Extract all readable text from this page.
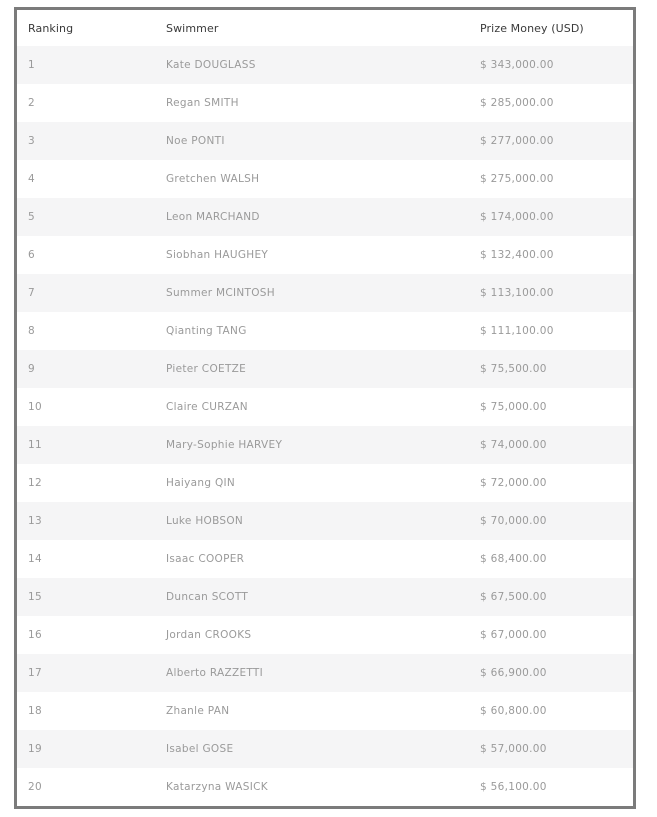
Ranking	Swimmer	Prize Money (USD)
1	Kate DOUGLASS	$ 343,000.00
2	Regan SMITH	$ 285,000.00
3	Noe PONTI	$ 277,000.00
4	Gretchen WALSH	$ 275,000.00
5	Leon MARCHAND	$ 174,000.00
6	Siobhan HAUGHEY	$ 132,400.00
7	Summer MCINTOSH	$ 113,100.00
8	Qianting TANG	$ 111,100.00
9	Pieter COETZE	$ 75,500.00
10	Claire CURZAN	$ 75,000.00
11	Mary-Sophie HARVEY	$ 74,000.00
12	Haiyang QIN	$ 72,000.00
13	Luke HOBSON	$ 70,000.00
14	Isaac COOPER	$ 68,400.00
15	Duncan SCOTT	$ 67,500.00
16	Jordan CROOKS	$ 67,000.00
17	Alberto RAZZETTI	$ 66,900.00
18	Zhanle PAN	$ 60,800.00
19	Isabel GOSE	$ 57,000.00
20	Katarzyna WASICK	$ 56,100.00
